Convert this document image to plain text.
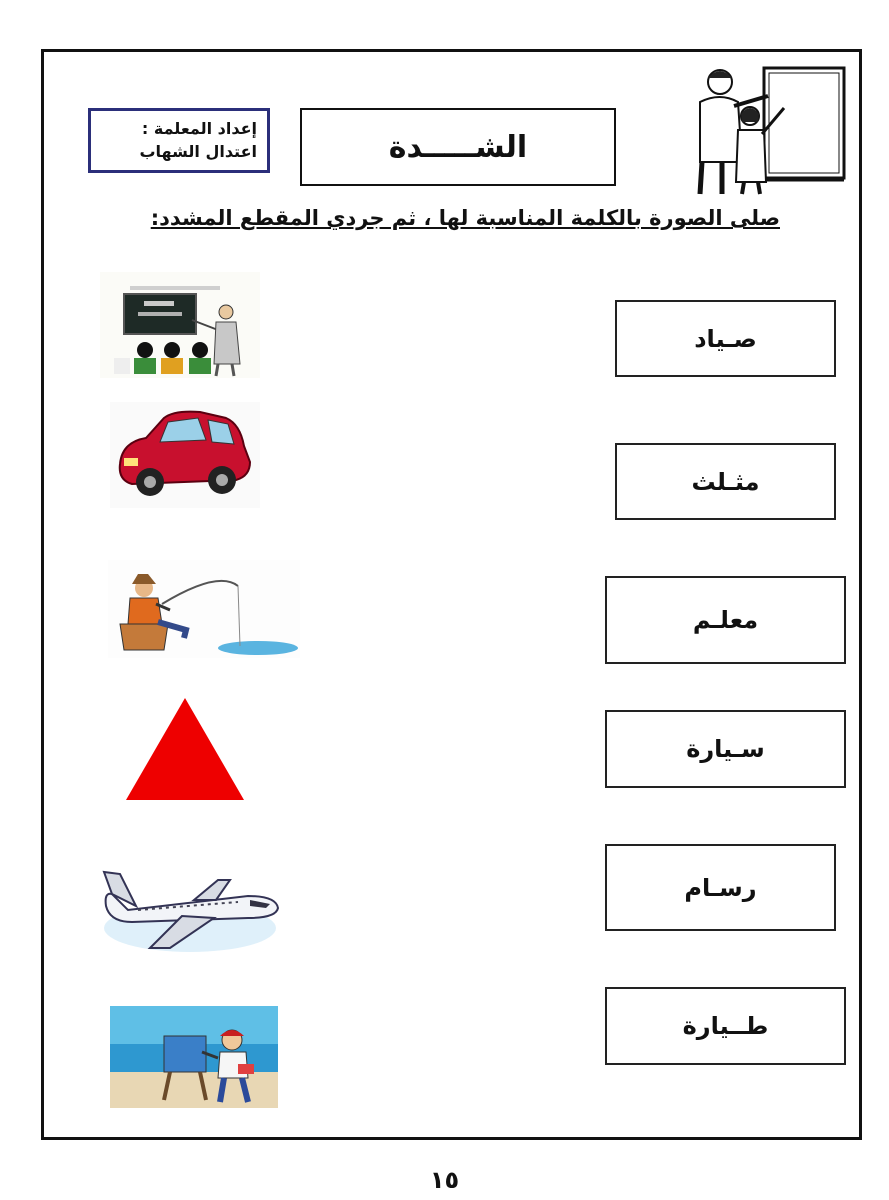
إعداد المعلمة :
اعتدال الشهاب	الشـــــدة
صلى الصورة بالكلمة المناسبة لها ، ثم جردي المقطع المشدد:
صـياد
مثـلث
معلـم
سـيارة
رسـام
طــيارة
١٥
